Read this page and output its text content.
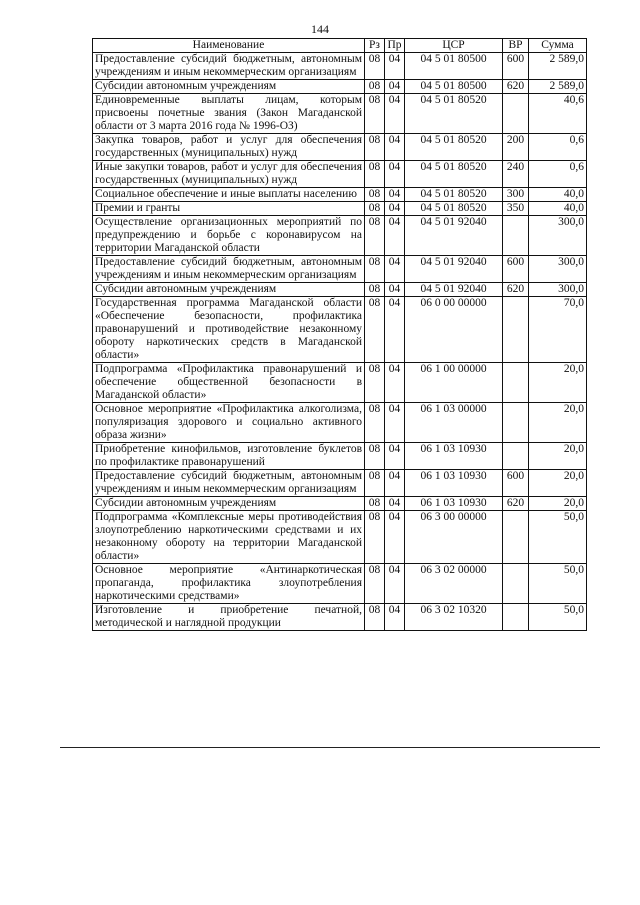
144
Наименование	Рз	Пр	ЦСР	ВР	Сумма
Предоставление субсидий бюджетным, автономным учреждениям и иным некоммерческим организациям	08	04	04 5 01 80500	600	2 589,0
Субсидии автономным учреждениям	08	04	04 5 01 80500	620	2 589,0
Единовременные выплаты лицам, которым присвоены почетные звания (Закон Магаданской области от 3 марта 2016 года № 1996-ОЗ)	08	04	04 5 01 80520		40,6
Закупка товаров, работ и услуг для обеспечения государственных (муниципальных) нужд	08	04	04 5 01 80520	200	0,6
Иные закупки товаров, работ и услуг для обеспечения государственных (муниципальных) нужд	08	04	04 5 01 80520	240	0,6
Социальное обеспечение и иные выплаты населению	08	04	04 5 01 80520	300	40,0
Премии и гранты	08	04	04 5 01 80520	350	40,0
Осуществление организационных мероприятий по предупреждению и борьбе с коронавирусом на территории Магаданской области	08	04	04 5 01 92040		300,0
Предоставление субсидий бюджетным, автономным учреждениям и иным некоммерческим организациям	08	04	04 5 01 92040	600	300,0
Субсидии автономным учреждениям	08	04	04 5 01 92040	620	300,0
Государственная программа Магаданской области «Обеспечение безопасности, профилактика правонарушений и противодействие незаконному обороту наркотических средств в Магаданской области»	08	04	06 0 00 00000		70,0
Подпрограмма «Профилактика правонарушений и обеспечение общественной безопасности в Магаданской области»	08	04	06 1 00 00000		20,0
Основное мероприятие «Профилактика алкоголизма, популяризация здорового и социально активного образа жизни»	08	04	06 1 03 00000		20,0
Приобретение кинофильмов, изготовление буклетов по профилактике правонарушений	08	04	06 1 03 10930		20,0
Предоставление субсидий бюджетным, автономным учреждениям и иным некоммерческим организациям	08	04	06 1 03 10930	600	20,0
Субсидии автономным учреждениям	08	04	06 1 03 10930	620	20,0
Подпрограмма «Комплексные меры противодействия злоупотреблению наркотическими средствами и их незаконному обороту на территории Магаданской области»	08	04	06 3 00 00000		50,0
Основное мероприятие «Антинаркотическая пропаганда, профилактика злоупотребления наркотическими средствами»	08	04	06 3 02 00000		50,0
Изготовление и приобретение печатной, методической и наглядной продукции	08	04	06 3 02 10320		50,0
